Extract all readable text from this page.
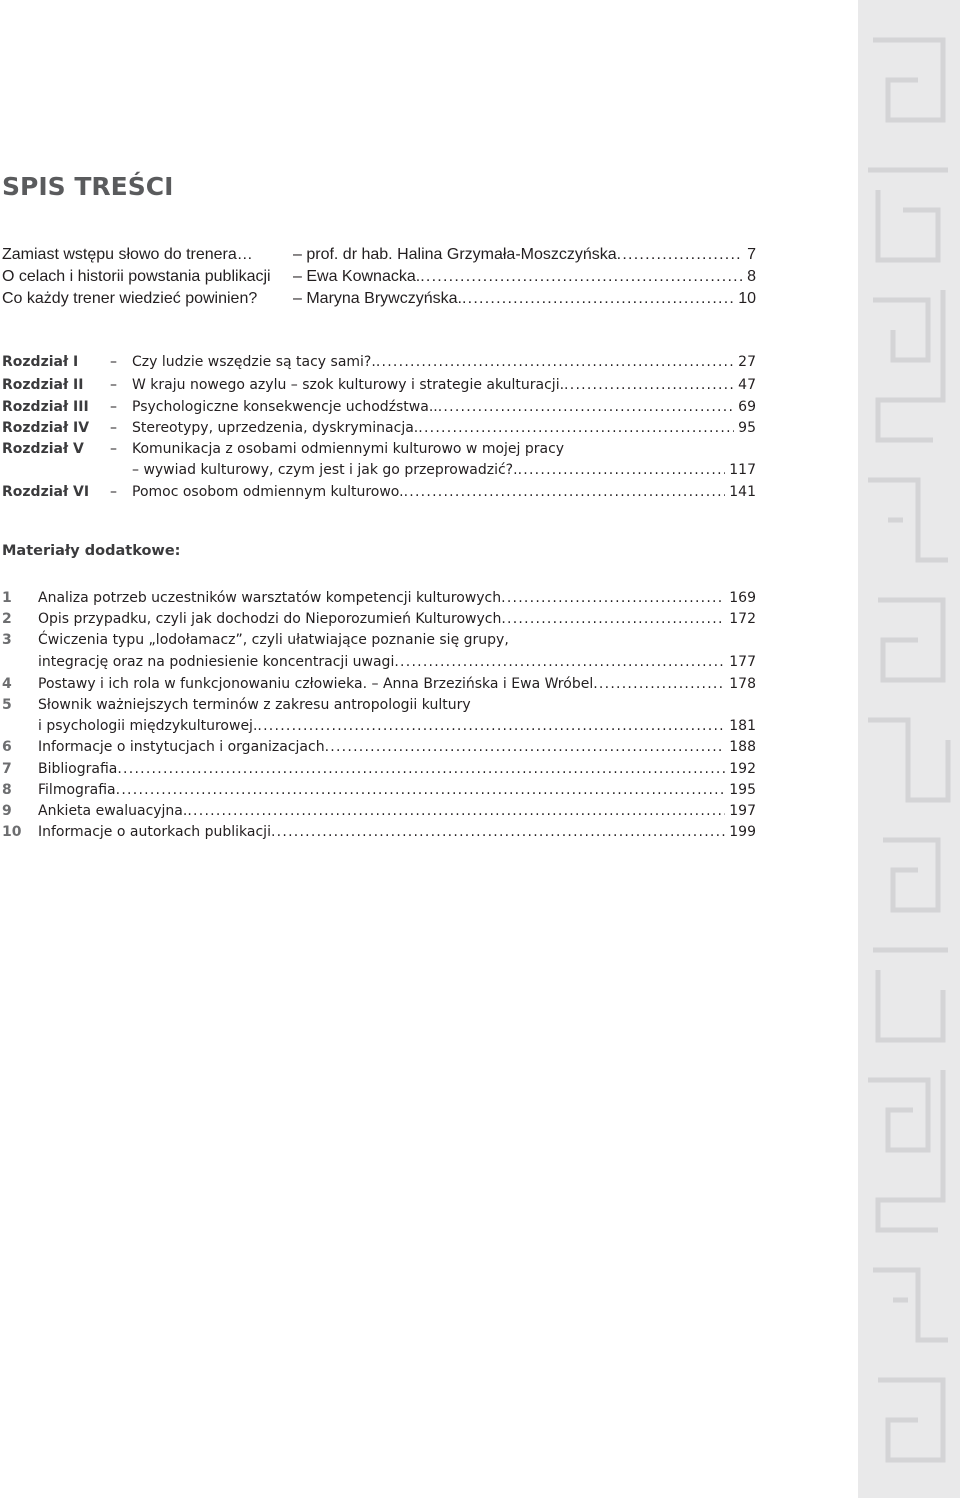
SPIS TREŚCI
Zamiast wstępu słowo do trenera…	– prof. dr hab. Halina Grzymała-Moszczyńska . . .	7
O celach i historii powstania publikacji – Ewa Kownacka. . . .	8
Co każdy trener wiedzieć powinien? – Maryna Brywczyńska. . . .	10
Rozdział I – Czy ludzie wszędzie są tacy sami?. . . .	27
Rozdział II – W kraju nowego azylu – szok kulturowy i strategie akulturacji. . . .	47
Rozdział III – Psychologiczne konsekwencje uchodźstwa.. . . .	69
Rozdział IV – Stereotypy, uprzedzenia, dyskryminacja. . . .	95
Rozdział V – Komunikacja z osobami odmiennymi kulturowo w mojej pracy
– wywiad kulturowy, czym jest i jak go przeprowadzić?. . . .	117
Rozdział VI – Pomoc osobom odmiennym kulturowo. . . .	141
Materiały dodatkowe:
1 Analiza potrzeb uczestników warsztatów kompetencji kulturowych . . .	169
2 Opis przypadku, czyli jak dochodzi do Nieporozumień Kulturowych . . .	172
3 Ćwiczenia typu „lodołamacz”, czyli ułatwiające poznanie się grupy,
integrację oraz na podniesienie koncentracji uwagi . . .	177
4 Postawy i ich rola w funkcjonowaniu człowieka. – Anna Brzezińska i Ewa Wróbel . . .	178
5 Słownik ważniejszych terminów z zakresu antropologii kultury
i psychologii międzykulturowej. . . .	181
6 Informacje o instytucjach i organizacjach . . .	188
7 Bibliografia . . .	192
8 Filmografia . . .	195
9 Ankieta ewaluacyjna. . . .	197
10 Informacje o autorkach publikacji . . .	199
